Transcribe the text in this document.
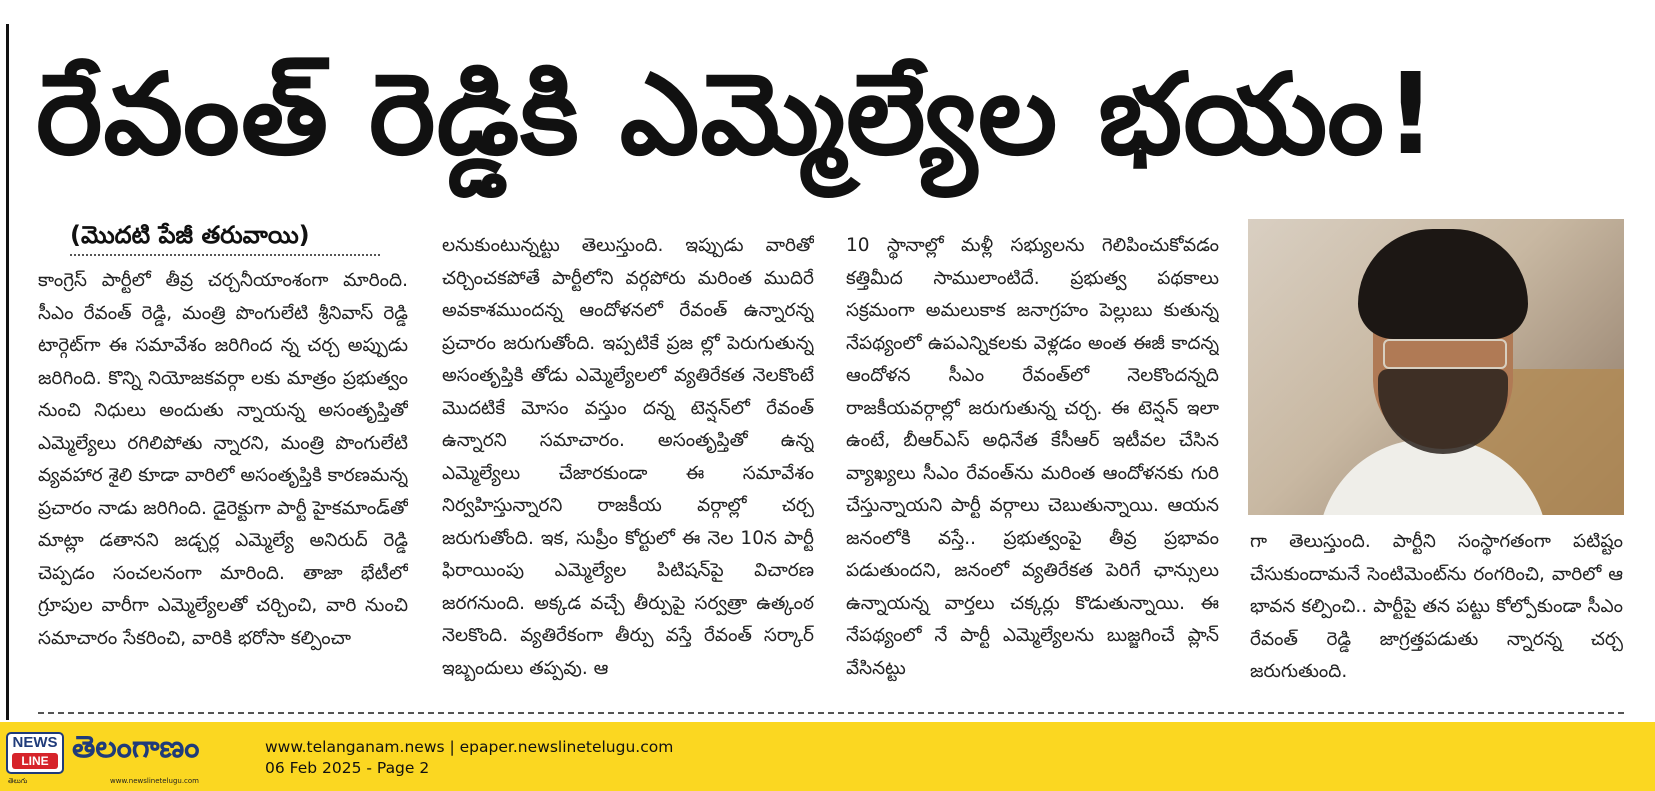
రేవంత్ రెడ్డికి ఎమ్మెల్యేల భయం!
(మొదటి పేజీ తరువాయి)

కాంగ్రెస్ పార్టీలో తీవ్ర చర్చనీయాంశంగా మారింది. సీఎం రేవంత్ రెడ్డి, మంత్రి పొంగులేటి శ్రీనివాస్ రెడ్డి టార్గెట్‌గా ఈ సమావేశం జరిగింద న్న చర్చ అప్పుడు జరిగింది. కొన్ని నియోజకవర్గా లకు మాత్రం ప్రభుత్వం నుంచి నిధులు అందుతు న్నాయన్న అసంతృప్తితో ఎమ్మెల్యేలు రగిలిపోతు న్నారని, మంత్రి పొంగులేటి వ్యవహార శైలి కూడా వారిలో అసంతృప్తికి కారణమన్న ప్రచారం నాడు జరిగింది. డైరెక్టుగా పార్టీ హైకమాండ్‌తో మాట్లా డతానని జడ్చర్ల ఎమ్మెల్యే అనిరుద్ రెడ్డి చెప్పడం సంచలనంగా మారింది. తాజా భేటీలో గ్రూపుల వారీగా ఎమ్మెల్యేలతో చర్చించి, వారి నుంచి సమాచారం సేకరించి, వారికి భరోసా కల్పించా

లనుకుంటున్నట్టు తెలుస్తుంది. ఇప్పుడు వారితో చర్చించకపోతే పార్టీలోని వర్గపోరు మరింత ముదిరే అవకాశముందన్న ఆందోళనలో రేవంత్ ఉన్నారన్న ప్రచారం జరుగుతోంది. ఇప్పటికే ప్రజ ల్లో పెరుగుతున్న అసంతృప్తికి తోడు ఎమ్మెల్యేలలో వ్యతిరేకత నెలకొంటే మొదటికే మోసం వస్తుం దన్న టెన్షన్‌లో రేవంత్ ఉన్నారని సమాచారం. అసంతృప్తితో ఉన్న ఎమ్మెల్యేలు చేజారకుండా ఈ సమావేశం నిర్వహిస్తున్నారని రాజకీయ వర్గాల్లో చర్చ జరుగుతోంది. ఇక, సుప్రీం కోర్టులో ఈ నెల 10న పార్టీ ఫిరాయింపు ఎమ్మెల్యేల పిటిషన్‌పై విచారణ జరగనుంది. అక్కడ వచ్చే తీర్పుపై సర్వత్రా ఉత్కంఠ నెలకొంది. వ్యతిరేకంగా తీర్పు వస్తే రేవంత్ సర్కార్ ఇబ్బందులు తప్పవు. ఆ

10 స్థానాల్లో మళ్లీ సభ్యులను గెలిపించుకోవడం కత్తిమీద సాములాంటిదే. ప్రభుత్వ పథకాలు సక్రమంగా అమలుకాక జనాగ్రహం పెల్లుబు కుతున్న నేపథ్యంలో ఉపఎన్నికలకు వెళ్లడం అంత ఈజీ కాదన్న ఆందోళన సీఎం రేవంత్‌లో నెలకొందన్నది రాజకీయవర్గాల్లో జరుగుతున్న చర్చ. ఈ టెన్షన్ ఇలా ఉంటే, బీఆర్ఎస్ అధినేత కేసీఆర్ ఇటీవల చేసిన వ్యాఖ్యలు సీఎం రేవంత్‌ను మరింత ఆందోళనకు గురి చేస్తున్నాయని పార్టీ వర్గాలు చెబుతున్నాయి. ఆయన జనంలోకి వస్తే.. ప్రభుత్వంపై తీవ్ర ప్రభావం పడుతుందని, జనంలో వ్యతిరేకత పెరిగే ఛాన్సులు ఉన్నాయన్న వార్తలు చక్కర్లు కొడుతున్నాయి. ఈ నేపథ్యంలో నే పార్టీ ఎమ్మెల్యేలను బుజ్జగించే ప్లాన్ వేసినట్టు

గా తెలుస్తుంది. పార్టీని సంస్థాగతంగా పటిష్టం చేసుకుందామనే సెంటిమెంట్‌ను రంగరించి, వారిలో ఆ భావన కల్పించి.. పార్టీపై తన పట్టు కోల్పోకుండా సీఎం రేవంత్ రెడ్డి జాగ్రత్తపడుతు న్నారన్న చర్చ జరుగుతుంది.

NEWS
LINE తెలంగాణం
తెలుగు	www.newslinetelugu.com
www.telanganam.news | epaper.newslinetelugu.com
06 Feb 2025 - Page 2
